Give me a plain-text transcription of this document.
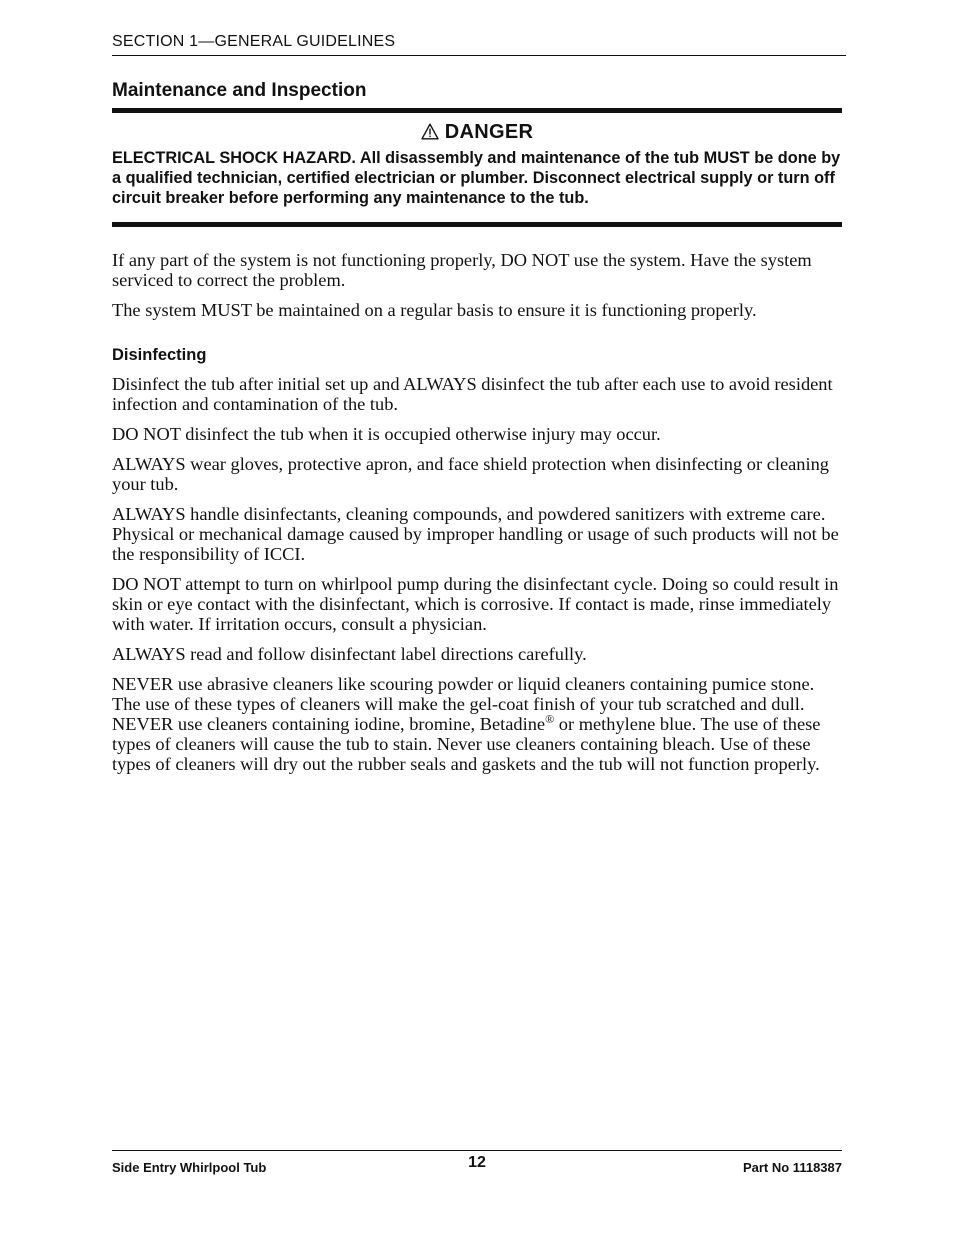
SECTION 1—GENERAL GUIDELINES
Maintenance and Inspection
DANGER
ELECTRICAL SHOCK HAZARD. All disassembly and maintenance of the tub MUST be done by a qualified technician, certified electrician or plumber. Disconnect electrical supply or turn off circuit breaker before performing any maintenance to the tub.

If any part of the system is not functioning properly, DO NOT use the system. Have the system serviced to correct the problem.

The system MUST be maintained on a regular basis to ensure it is functioning properly.

Disinfecting

Disinfect the tub after initial set up and ALWAYS disinfect the tub after each use to avoid resident infection and contamination of the tub.

DO NOT disinfect the tub when it is occupied otherwise injury may occur.

ALWAYS wear gloves, protective apron, and face shield protection when disinfecting or cleaning your tub.

ALWAYS handle disinfectants, cleaning compounds, and powdered sanitizers with extreme care. Physical or mechanical damage caused by improper handling or usage of such products will not be the responsibility of ICCI.

DO NOT attempt to turn on whirlpool pump during the disinfectant cycle. Doing so could result in skin or eye contact with the disinfectant, which is corrosive. If contact is made, rinse immediately with water. If irritation occurs, consult a physician.

ALWAYS read and follow disinfectant label directions carefully.

NEVER use abrasive cleaners like scouring powder or liquid cleaners containing pumice stone. The use of these types of cleaners will make the gel-coat finish of your tub scratched and dull. NEVER use cleaners containing iodine, bromine, Betadine® or methylene blue. The use of these types of cleaners will cause the tub to stain. Never use cleaners containing bleach. Use of these types of cleaners will dry out the rubber seals and gaskets and the tub will not function properly.

Side Entry Whirlpool Tub	12	Part No 1118387
